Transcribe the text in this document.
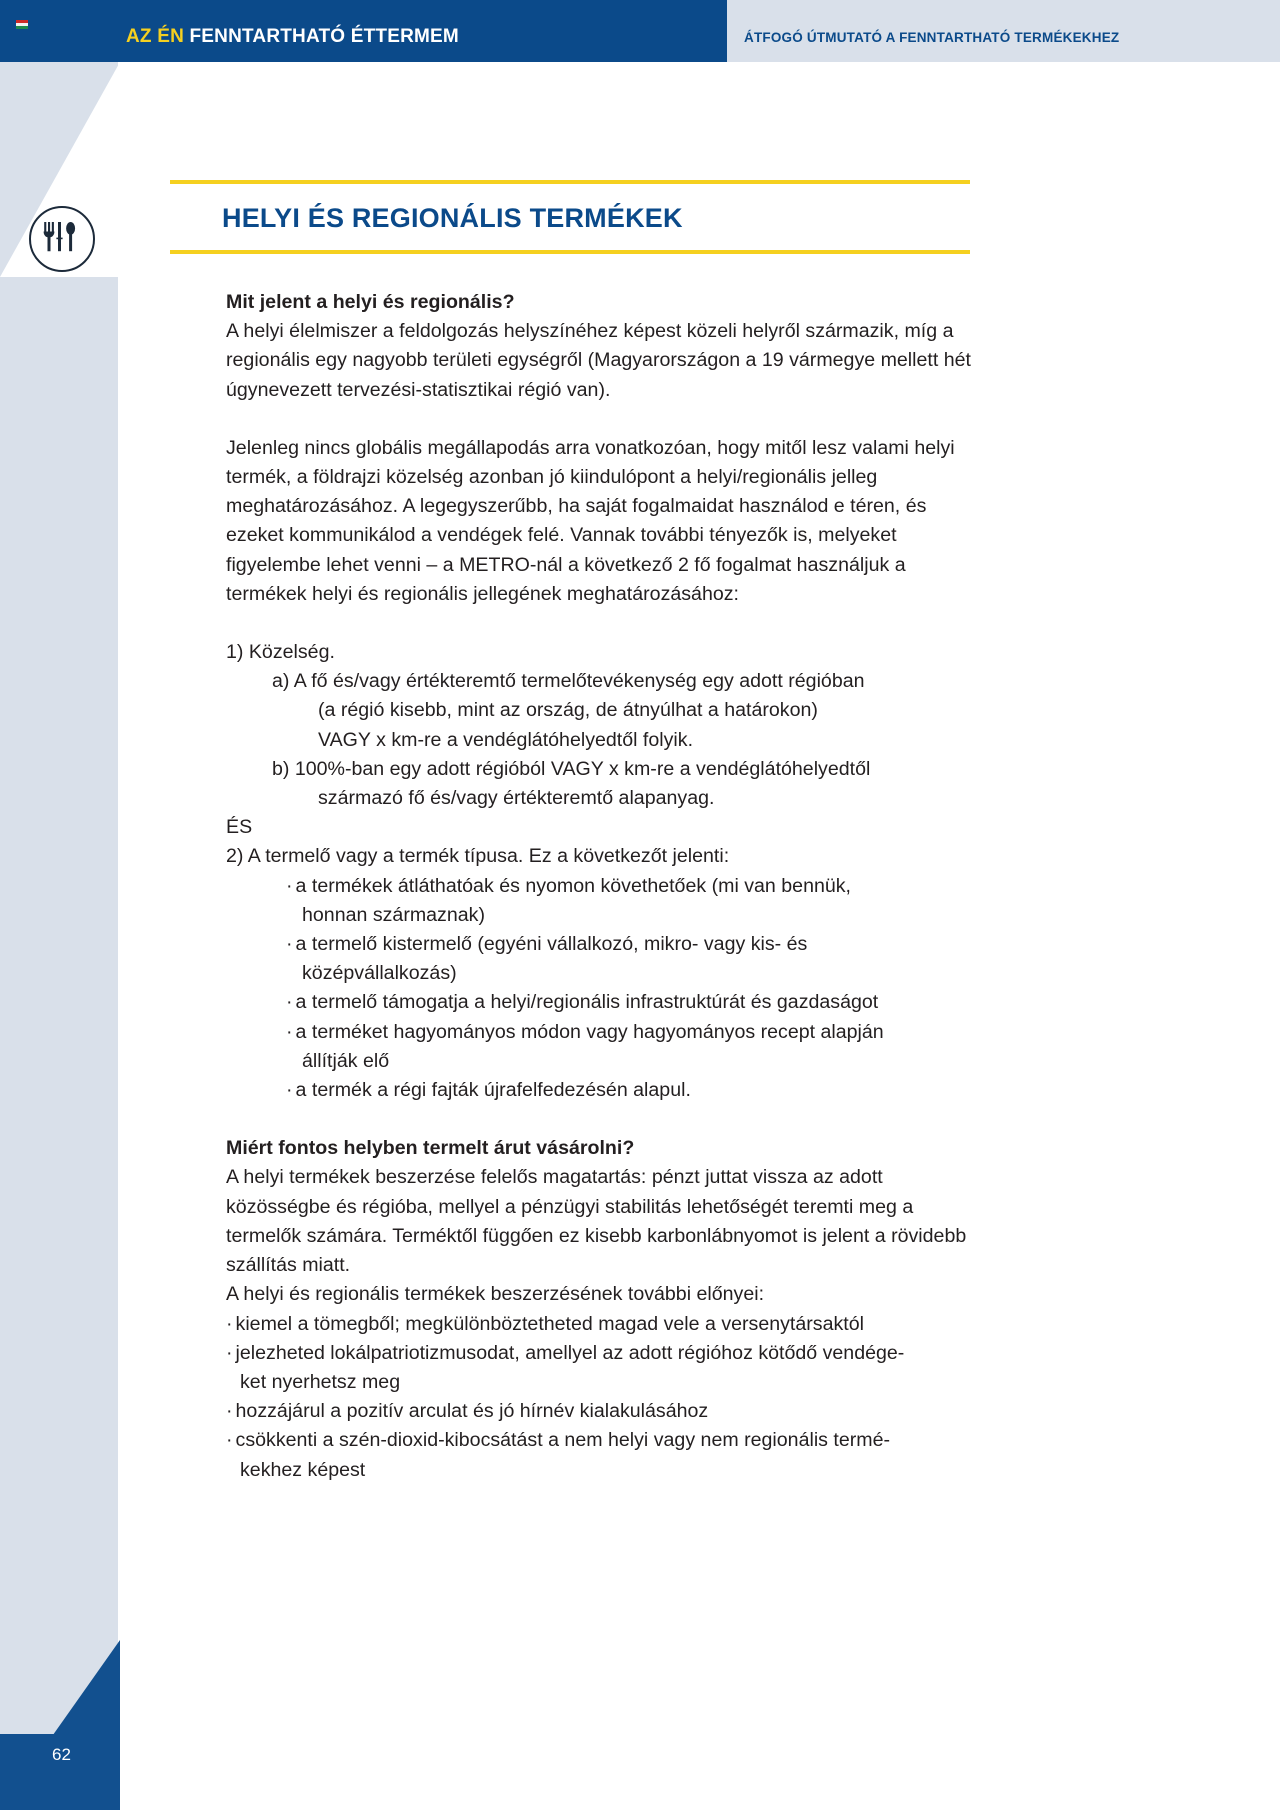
AZ ÉN FENNTARTHATÓ ÉTTERMEM	ÁTFOGÓ ÚTMUTATÓ A FENNTARTHATÓ TERMÉKEKHEZ
HELYI ÉS REGIONÁLIS TERMÉKEK
Mit jelent a helyi és regionális?

A helyi élelmiszer a feldolgozás helyszínéhez képest közeli helyről származik, míg a regionális egy nagyobb területi egységről (Magyarországon a 19 vármegye mellett hét úgynevezett tervezési-statisztikai régió van).

Jelenleg nincs globális megállapodás arra vonatkozóan, hogy mitől lesz valami helyi termék, a földrajzi közelség azonban jó kiindulópont a helyi/regionális jelleg meghatározásához. A legegyszerűbb, ha saját fogalmaidat használod e téren, és ezeket kommunikálod a vendégek felé. Vannak további tényezők is, melyeket figyelembe lehet venni – a METRO-nál a következő 2 fő fogalmat használjuk a termékek helyi és regionális jellegének meghatározásához:

1) Közelség.

a) A fő és/vagy értékteremtő termelőtevékenység egy adott régióban

(a régió kisebb, mint az ország, de átnyúlhat a határokon)

VAGY x km-re a vendéglátóhelyedtől folyik.

b) 100%-ban egy adott régióból VAGY x km-re a vendéglátóhelyedtől

származó fő és/vagy értékteremtő alapanyag.

ÉS

2) A termelő vagy a termék típusa. Ez a következőt jelenti:

·a termékek átláthatóak és nyomon követhetőek (mi van bennük,

honnan származnak)

·a termelő kistermelő (egyéni vállalkozó, mikro- vagy kis- és

középvállalkozás)

·a termelő támogatja a helyi/regionális infrastruktúrát és gazdaságot

·a terméket hagyományos módon vagy hagyományos recept alapján

állítják elő

·a termék a régi fajták újrafelfedezésén alapul.

Miért fontos helyben termelt árut vásárolni?

A helyi termékek beszerzése felelős magatartás: pénzt juttat vissza az adott közösségbe és régióba, mellyel a pénzügyi stabilitás lehetőségét teremti meg a termelők számára. Terméktől függően ez kisebb karbonlábnyomot is jelent a rövidebb szállítás miatt.

A helyi és regionális termékek beszerzésének további előnyei:

·kiemel a tömegből; megkülönböztetheted magad vele a versenytársaktól

·jelezheted lokálpatriotizmusodat, amellyel az adott régióhoz kötődő vendége-

ket nyerhetsz meg

·hozzájárul a pozitív arculat és jó hírnév kialakulásához

·csökkenti a szén-dioxid-kibocsátást a nem helyi vagy nem regionális termé-

kekhez képest

62
